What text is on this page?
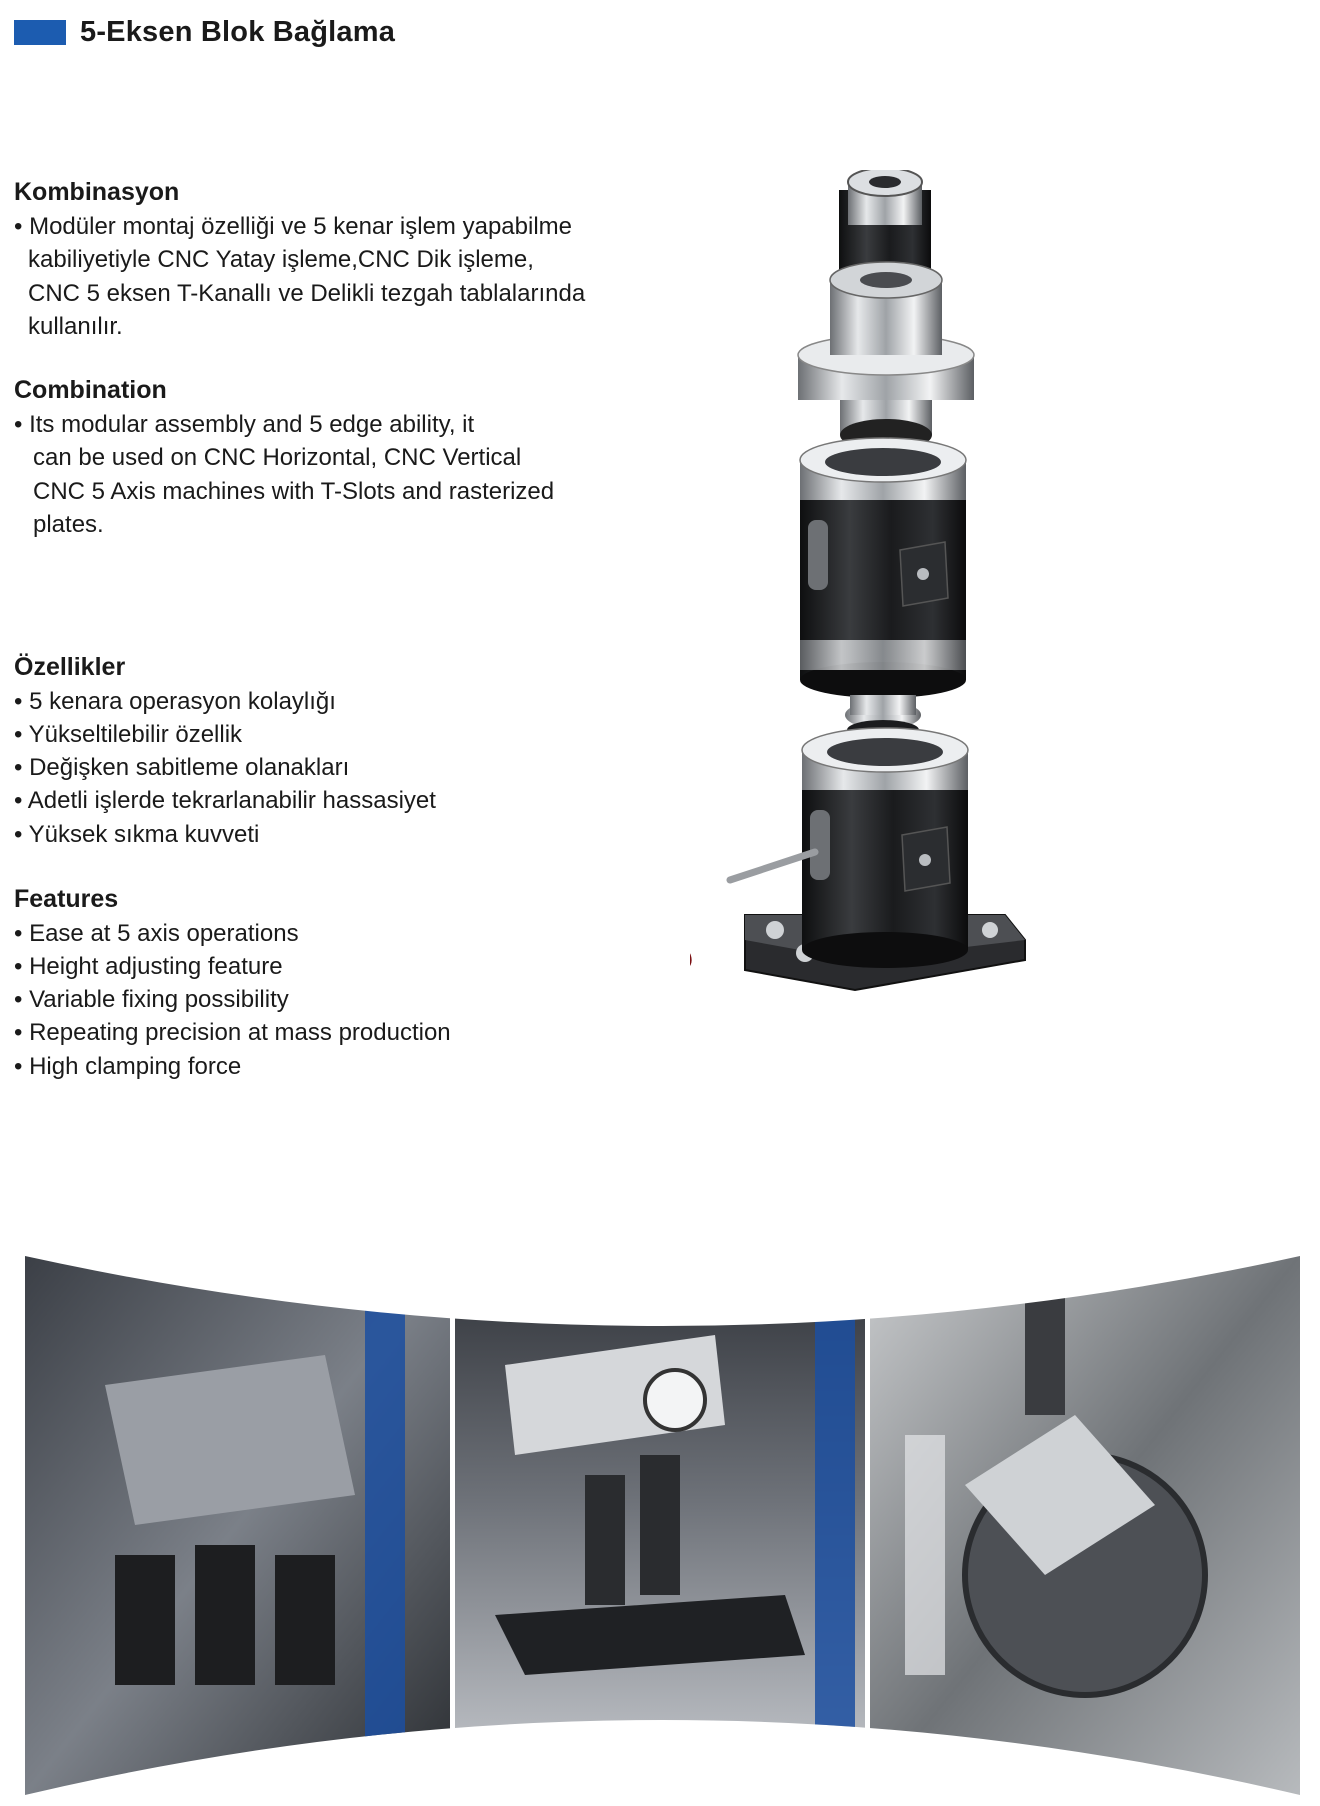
5-Eksen Blok Bağlama
Kombinasyon
• Modüler montaj özelliği ve 5 kenar işlem yapabilme
kabiliyetiyle CNC Yatay işleme,CNC Dik işleme,
CNC 5 eksen T-Kanallı ve Delikli tezgah tablalarında
kullanılır.
Combination
• Its modular assembly and 5 edge ability, it
can be used on CNC Horizontal, CNC Vertical
CNC 5 Axis machines with T-Slots and rasterized
plates.
Özellikler
• 5 kenara operasyon kolaylığı
• Yükseltilebilir özellik
• Değişken sabitleme olanakları
• Adetli işlerde tekrarlanabilir hassasiyet
• Yüksek sıkma kuvveti
Features
• Ease at 5 axis operations
• Height adjusting feature
• Variable fixing possibility
• Repeating precision at mass production
• High clamping force
